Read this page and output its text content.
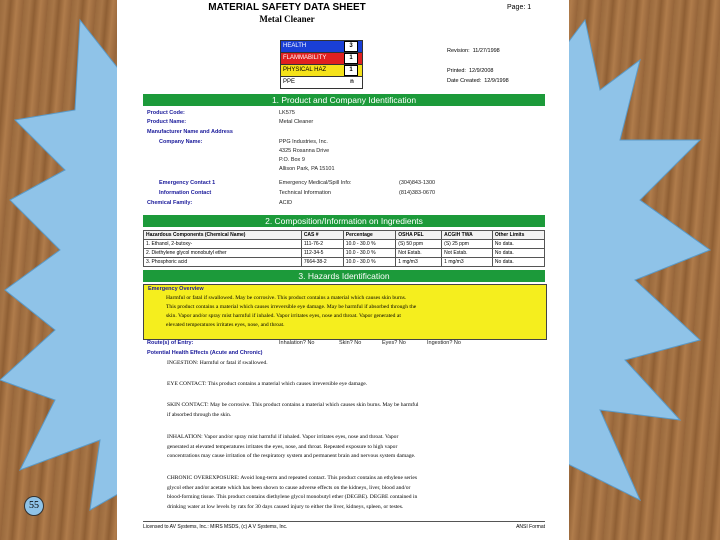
55
MATERIAL SAFETY DATA SHEET
Metal Cleaner
Page: 1
HEALTH	3
FLAMMABILITY	1
PHYSICAL HAZ	1
PPE	n
Revision: 11/27/1998
Printed: 12/9/2008
Date Created: 12/9/1998
1. Product and Company Identification
Product Code:	LK575
Product Name:	Metal Cleaner
Manufacturer Name and Address
Company Name:	PPG Industries, Inc.
4325 Rosanna Drive
P.O. Box 9
Allison Park, PA 15101
Emergency Contact 1	Emergency Medical/Spill Info:	(304)843-1300
Information Contact	Technical Information	(814)383-0670
Chemical Family:	ACID
2. Composition/Information on Ingredients
Hazardous Components (Chemical Name)	CAS #	Percentage	OSHA PEL	ACGIH TWA	Other Limits
1. Ethanol, 2-butoxy-	111-76-2	10.0 - 30.0 %	(S) 50 ppm	(S) 25 ppm	No data.
2. Diethylene glycol monobutyl ether	112-34-5	10.0 - 30.0 %	Not Estab.	Not Estab.	No data.
3. Phosphoric acid	7664-38-2	10.0 - 30.0 %	1 mg/m3	1 mg/m3	No data.
3. Hazards Identification
Emergency Overview
Harmful or fatal if swallowed. May be corrosive. This product contains a material which causes skin burns.
This product contains a material which causes irreversible eye damage. May be harmful if absorbed through the
skin. Vapor and/or spray mist harmful if inhaled. Vapor irritates eyes, nose and throat. Vapor generated at
elevated temperatures irritates eyes, nose, and throat.
Route(s) of Entry:	Inhalation? No	Skin? No	Eyes? No	Ingestion? No
Potential Health Effects (Acute and Chronic)
INGESTION: Harmful or fatal if swallowed.
EYE CONTACT: This product contains a material which causes irreversible eye damage.
SKIN CONTACT: May be corrosive. This product contains a material which causes skin burns. May be harmful
if absorbed through the skin.
INHALATION: Vapor and/or spray mist harmful if inhaled. Vapor irritates eyes, nose and throat. Vapor
generated at elevated temperatures irritates the eyes, nose, and throat. Repeated exposure to high vapor
concentrations may cause irritation of the respiratory system and permanent brain and nervous system damage.
CHRONIC OVEREXPOSURE: Avoid long-term and repeated contact. This product contains an ethylene series
glycol ether and/or acetate which has been shown to cause adverse effects on the kidneys, liver, blood and/or
blood-forming tissue. This product contains diethylene glycol monobutyl ether (DEGBE). DEGBE contained in
drinking water at low levels by rats for 30 days caused injury to either the liver, kidneys, spleen, or testes.
Licensed to AV Systems, Inc.: MIRS MSDS, (c) A V Systems, Inc.	ANSI Format
